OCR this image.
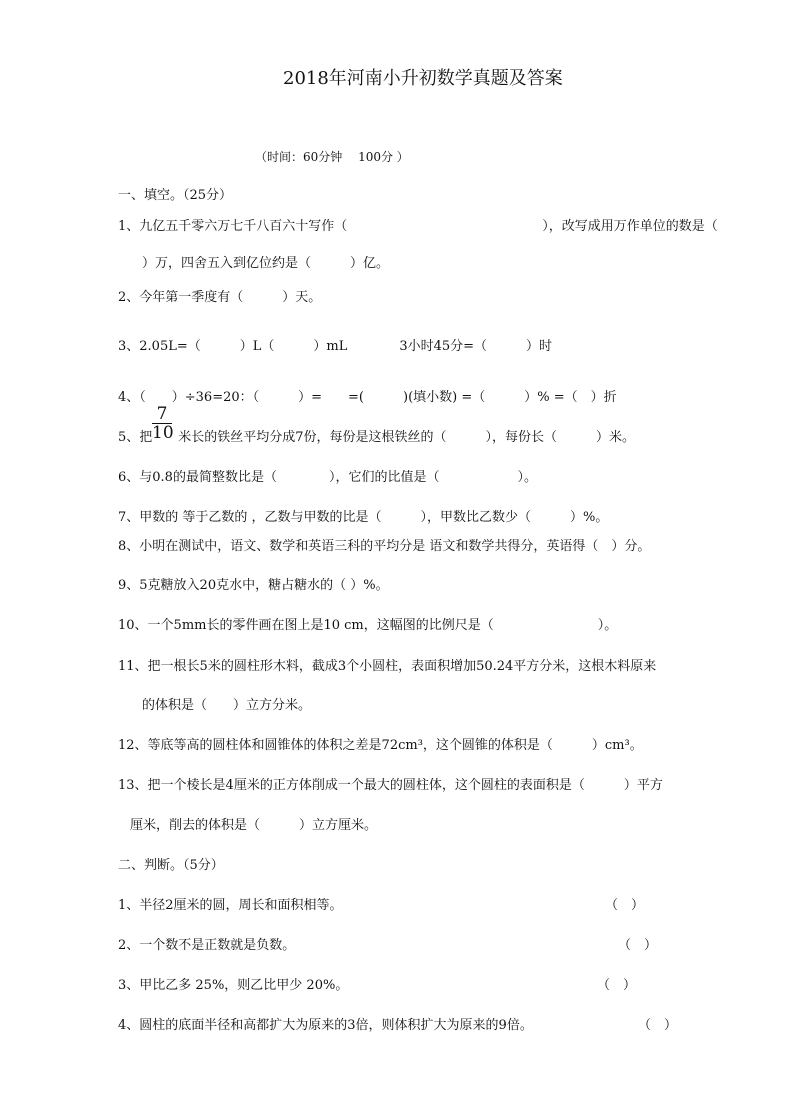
2018年河南小升初数学真题及答案
（时间：60分钟　 100分 ）
一、填空。（25分）
1、九亿五千零六万七千八百六十写作（　　　　　　　　　　　　　　　），改写成用万作单位的数是（
）万，四舍五入到亿位约是（　　　）亿。
2、今年第一季度有（　　　）天。
3、2.05L=（　　　）L（　　　）mL　　　　3小时45分=（　　　）时
4、（　　）÷36=20：（　　　）=　　=(　　　)(填小数) =（　　　）% =（　）折
$\frac{7}{10}$
5、把 米长的铁丝平均分成7份，每份是这根铁丝的（　　　），每份长（　　　）米。
6、与0.8的最简整数比是（　　　　），它们的比值是（　　　　　　）。
7、甲数的 等于乙数的 ，乙数与甲数的比是（　　　），甲数比乙数少（　　　）%。
8、小明在测试中，语文、数学和英语三科的平均分是 语文和数学共得分，英语得（　）分。
9、5克糖放入20克水中，糖占糖水的（ ）%。
10、一个5mm长的零件画在图上是10 cm，这幅图的比例尺是（　　　　　　　　）。
11、把一根长5米的圆柱形木料，截成3个小圆柱，表面积增加50.24平方分米，这根木料原来
的体积是（　　）立方分米。
12、等底等高的圆柱体和圆锥体的体积之差是72cm³，这个圆锥的体积是（　　　）cm³。
13、把一个棱长是4厘米的正方体削成一个最大的圆柱体，这个圆柱的表面积是（　　　）平方
厘米，削去的体积是（　　　）立方厘米。
二、判断。（5分）
1、半径2厘米的圆，周长和面积相等。	（　）
2、一个数不是正数就是负数。	（　）
3、甲比乙多 25%，则乙比甲少 20%。	（　）
4、圆柱的底面半径和高都扩大为原来的3倍，则体积扩大为原来的9倍。	（　）
